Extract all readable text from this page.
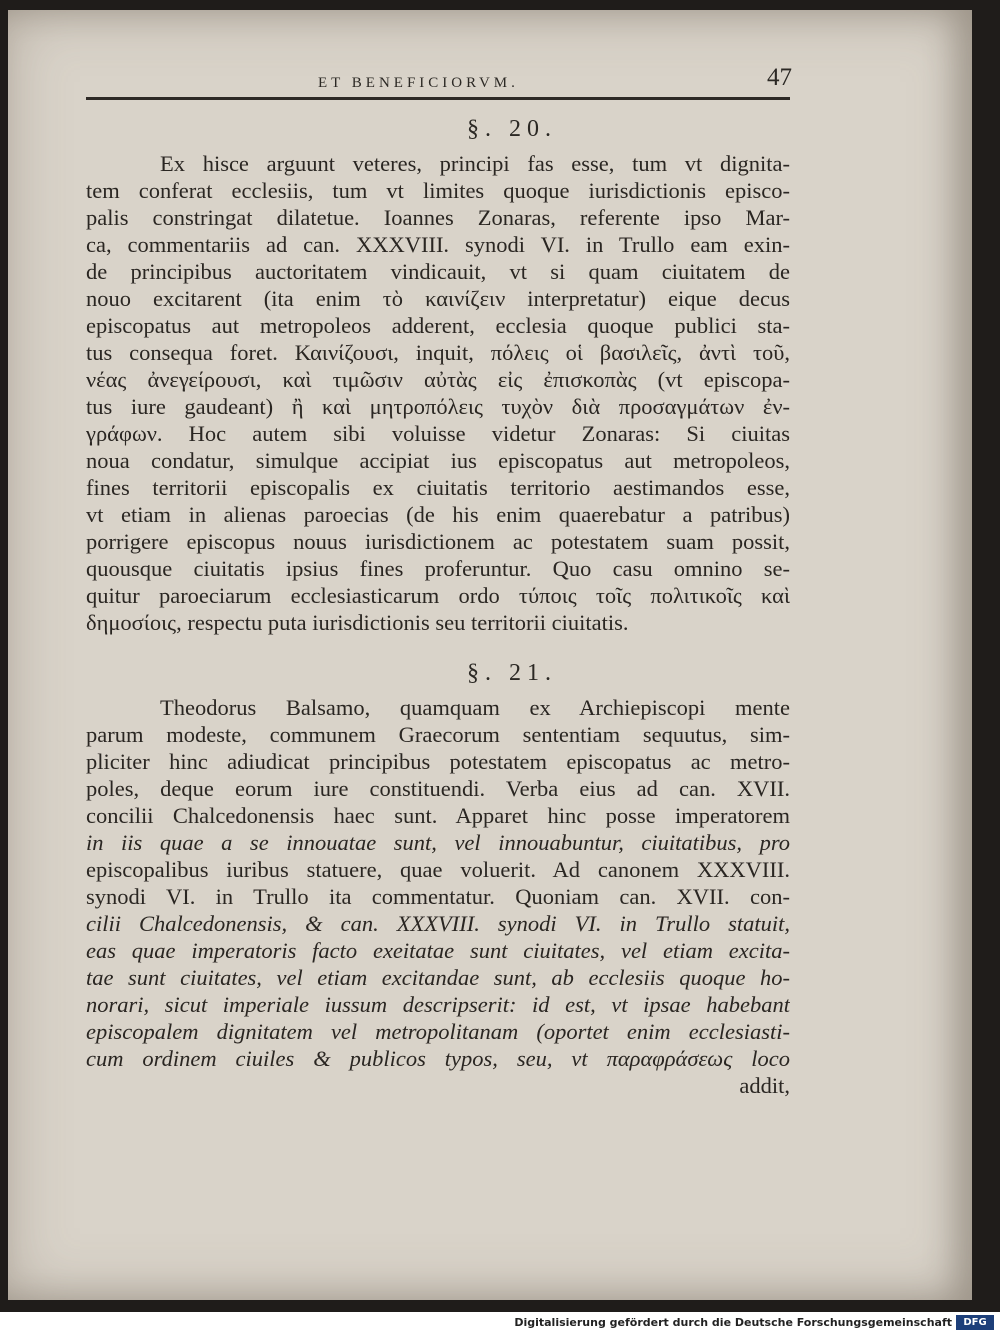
ET BENEFICIORVM.	47
§. 20.
Ex hisce arguunt veteres, principi fas esse, tum vt dignita-
tem conferat ecclesiis, tum vt limites quoque iurisdictionis episco-
palis constringat dilatetue. Ioannes Zonaras, referente ipso Mar-
ca, commentariis ad can. XXXVIII. synodi VI. in Trullo eam exin-
de principibus auctoritatem vindicauit, vt si quam ciuitatem de
nouo excitarent (ita enim τὸ καινίζειν interpretatur) eique decus
episcopatus aut metropoleos adderent, ecclesia quoque publici sta-
tus consequa foret. Καινίζουσι, inquit, πόλεις οἱ βασιλεῖς, ἀντὶ τοῦ,
νέας ἀνεγείρουσι, καὶ τιμῶσιν αὐτὰς εἰς ἐπισκοπὰς (vt episcopa-
tus iure gaudeant) ἢ καὶ μητροπόλεις τυχὸν διὰ προσαγμάτων ἐν-
γράφων. Hoc autem sibi voluisse videtur Zonaras: Si ciuitas
noua condatur, simulque accipiat ius episcopatus aut metropoleos,
fines territorii episcopalis ex ciuitatis territorio aestimandos esse,
vt etiam in alienas paroecias (de his enim quaerebatur a patribus)
porrigere episcopus nouus iurisdictionem ac potestatem suam possit,
quousque ciuitatis ipsius fines proferuntur. Quo casu omnino se-
quitur paroeciarum ecclesiasticarum ordo τύποις τοῖς πολιτικοῖς καὶ
δημοσίοις, respectu puta iurisdictionis seu territorii ciuitatis.
§. 21.
Theodorus Balsamo, quamquam ex Archiepiscopi mente
parum modeste, communem Graecorum sententiam sequutus, sim-
pliciter hinc adiudicat principibus potestatem episcopatus ac metro-
poles, deque eorum iure constituendi. Verba eius ad can. XVII.
concilii Chalcedonensis haec sunt. Apparet hinc posse imperatorem
in iis quae a se innouatae sunt, vel innouabuntur, ciuitatibus, pro
episcopalibus iuribus statuere, quae voluerit. Ad canonem XXXVIII.
synodi VI. in Trullo ita commentatur. Quoniam can. XVII. con-
cilii Chalcedonensis, & can. XXXVIII. synodi VI. in Trullo statuit,
eas quae imperatoris facto exeitatae sunt ciuitates, vel etiam excita-
tae sunt ciuitates, vel etiam excitandae sunt, ab ecclesiis quoque ho-
norari, sicut imperiale iussum descripserit: id est, vt ipsae habebant
episcopalem dignitatem vel metropolitanam (oportet enim ecclesiasti-
cum ordinem ciuiles & publicos typos, seu, vt παραφράσεως loco
addit,
Digitalisierung gefördert durch die Deutsche Forschungsgemeinschaft	DFG
